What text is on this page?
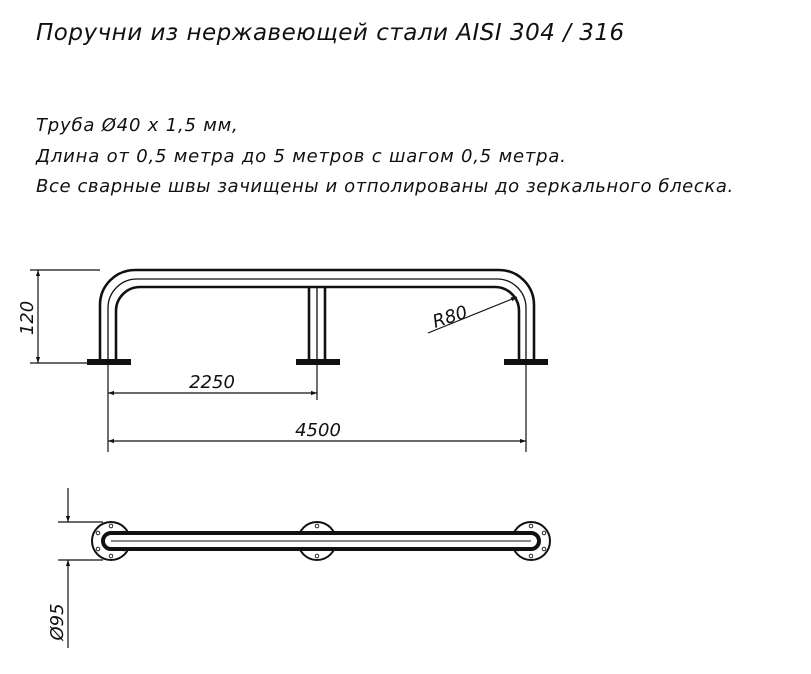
Поручни из нержавеющей стали AISI 304 / 316
Труба Ø40 x 1,5 мм,
Длина от 0,5 метра до 5 метров с шагом 0,5 метра.
Все сварные швы зачищены и отполированы до зеркального блеска.
120
2250
4500
R80
Ø95
